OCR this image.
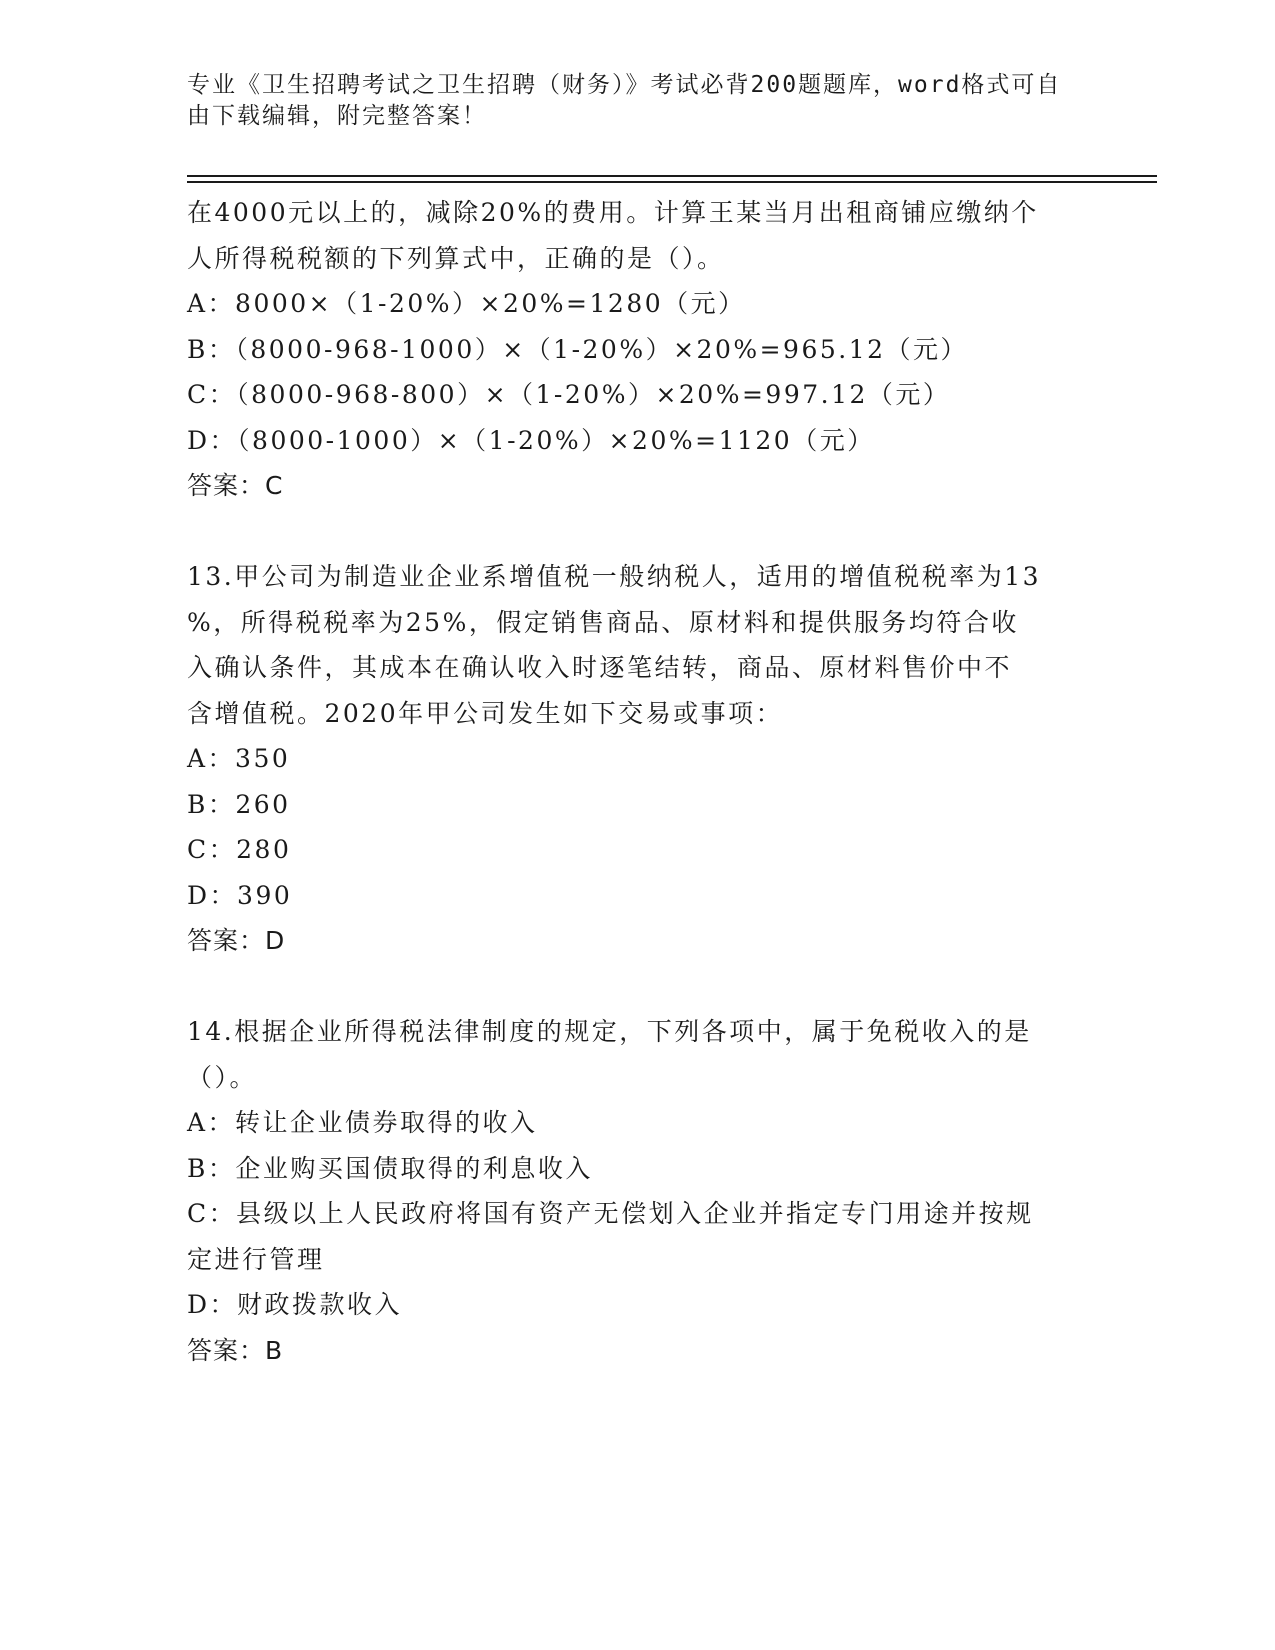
专业《卫生招聘考试之卫生招聘（财务）》考试必背200题题库，word格式可自
由下载编辑，附完整答案！
在4000元以上的，减除20%的费用。计算王某当月出租商铺应缴纳个
人所得税税额的下列算式中，正确的是（）。
A：8000×（1-20%）×20%=1280（元）
B：（8000-968-1000）×（1-20%）×20%=965.12（元）
C：（8000-968-800）×（1-20%）×20%=997.12（元）
D：（8000-1000）×（1-20%）×20%=1120（元）
答案：C
13.甲公司为制造业企业系增值税一般纳税人，适用的增值税税率为13
%，所得税税率为25%，假定销售商品、原材料和提供服务均符合收
入确认条件，其成本在确认收入时逐笔结转，商品、原材料售价中不
含增值税。2020年甲公司发生如下交易或事项：
A：350
B：260
C：280
D：390
答案：D
14.根据企业所得税法律制度的规定，下列各项中，属于免税收入的是
（）。
A：转让企业债券取得的收入
B：企业购买国债取得的利息收入
C：县级以上人民政府将国有资产无偿划入企业并指定专门用途并按规
定进行管理
D：财政拨款收入
答案：B
